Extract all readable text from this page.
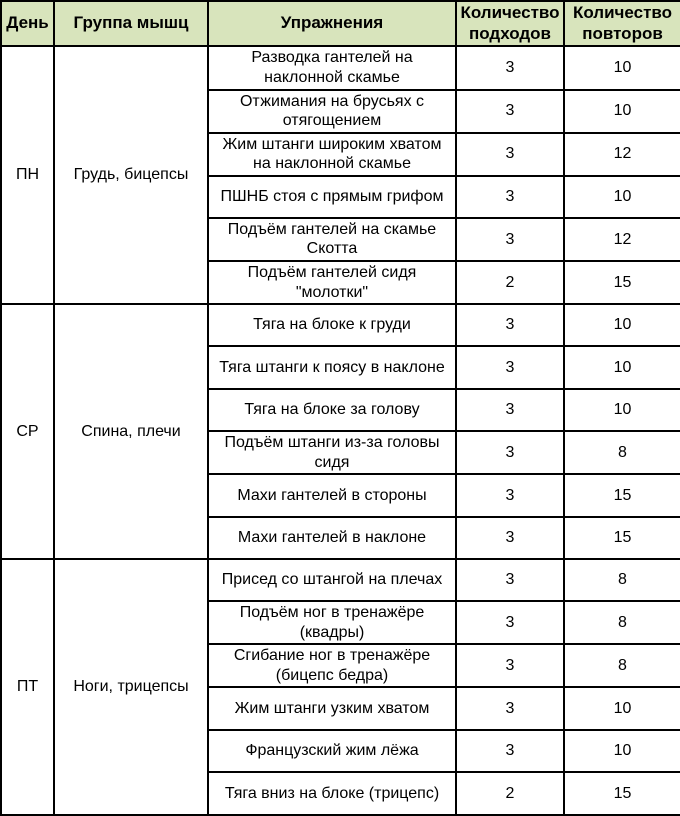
День	Группа мышц	Упражнения	Количество подходов	Количество повторов
ПН	Грудь, бицепсы	Разводка гантелей на наклонной скамье	3	10
		Отжимания на брусьях с отягощением	3	10
		Жим штанги широким хватом на наклонной скамье	3	12
		ПШНБ стоя с прямым грифом	3	10
		Подъём гантелей на скамье Скотта	3	12
		Подъём гантелей сидя "молотки"	2	15
СР	Спина, плечи	Тяга на блоке к груди	3	10
		Тяга штанги к поясу в наклоне	3	10
		Тяга на блоке за голову	3	10
		Подъём штанги из-за головы сидя	3	8
		Махи гантелей в стороны	3	15
		Махи гантелей в наклоне	3	15
ПТ	Ноги, трицепсы	Присед со штангой на плечах	3	8
		Подъём ног в тренажёре (квадры)	3	8
		Сгибание ног в тренажёре (бицепс бедра)	3	8
		Жим штанги узким хватом	3	10
		Французский жим лёжа	3	10
		Тяга вниз на блоке (трицепс)	2	15
